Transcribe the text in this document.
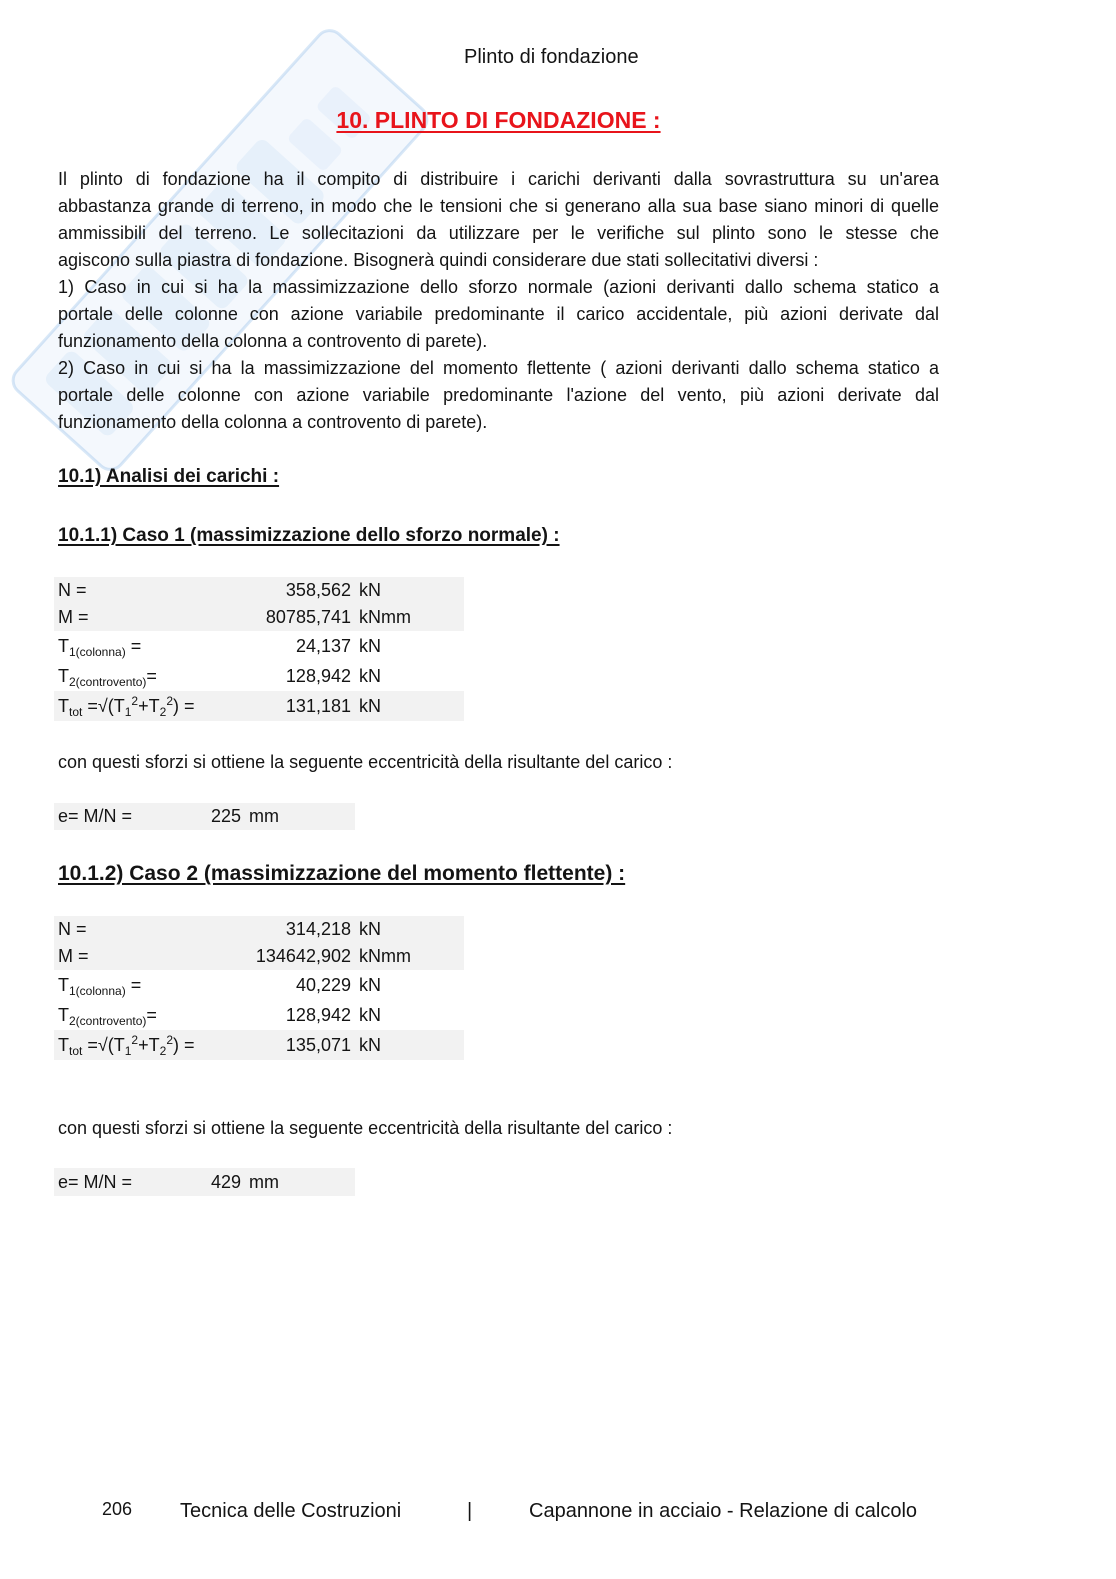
Plinto di fondazione
10. PLINTO DI FONDAZIONE :
Il plinto di fondazione ha il compito di distribuire i carichi derivanti dalla sovrastruttura su un'area
abbastanza grande di terreno, in modo che le tensioni che si generano alla sua base siano minori di quelle
ammissibili del terreno. Le sollecitazioni da utilizzare per le verifiche sul plinto sono le stesse che
agiscono sulla piastra di fondazione. Bisognerà quindi considerare due stati sollecitativi diversi :
1) Caso in cui si ha la massimizzazione dello sforzo normale (azioni derivanti dallo schema statico a
portale delle colonne con azione variabile predominante il carico accidentale, più azioni derivate dal
funzionamento della colonna a controvento di parete).
2) Caso in cui si ha la massimizzazione del momento flettente ( azioni derivanti dallo schema statico a
portale delle colonne con azione variabile predominante l'azione del vento, più azioni derivate dal
funzionamento della colonna a controvento di parete).
10.1) Analisi dei carichi :
10.1.1) Caso 1 (massimizzazione dello sforzo normale) :
N =	358,562 kN
M =	80785,741 kNmm
$T_{1(colonna)}$ =	24,137 kN
$T_{2(controvento)}=$	128,942 kN
$T_{tot} =√(T_1^2+T_2^2)$ =	131,181 kN
con questi sforzi si ottiene la seguente eccentricità della risultante del carico :
e= M/N =	225 mm
10.1.2) Caso 2 (massimizzazione del momento flettente) :
N =	314,218 kN
M =	134642,902 kNmm
$T_{1(colonna)}$ =	40,229 kN
$T_{2(controvento)}=$	128,942 kN
$T_{tot} =√(T_1^2+T_2^2)$ =	135,071 kN
con questi sforzi si ottiene la seguente eccentricità della risultante del carico :
e= M/N =	429 mm
206 Tecnica delle Costruzioni	|	Capannone in acciaio - Relazione di calcolo
